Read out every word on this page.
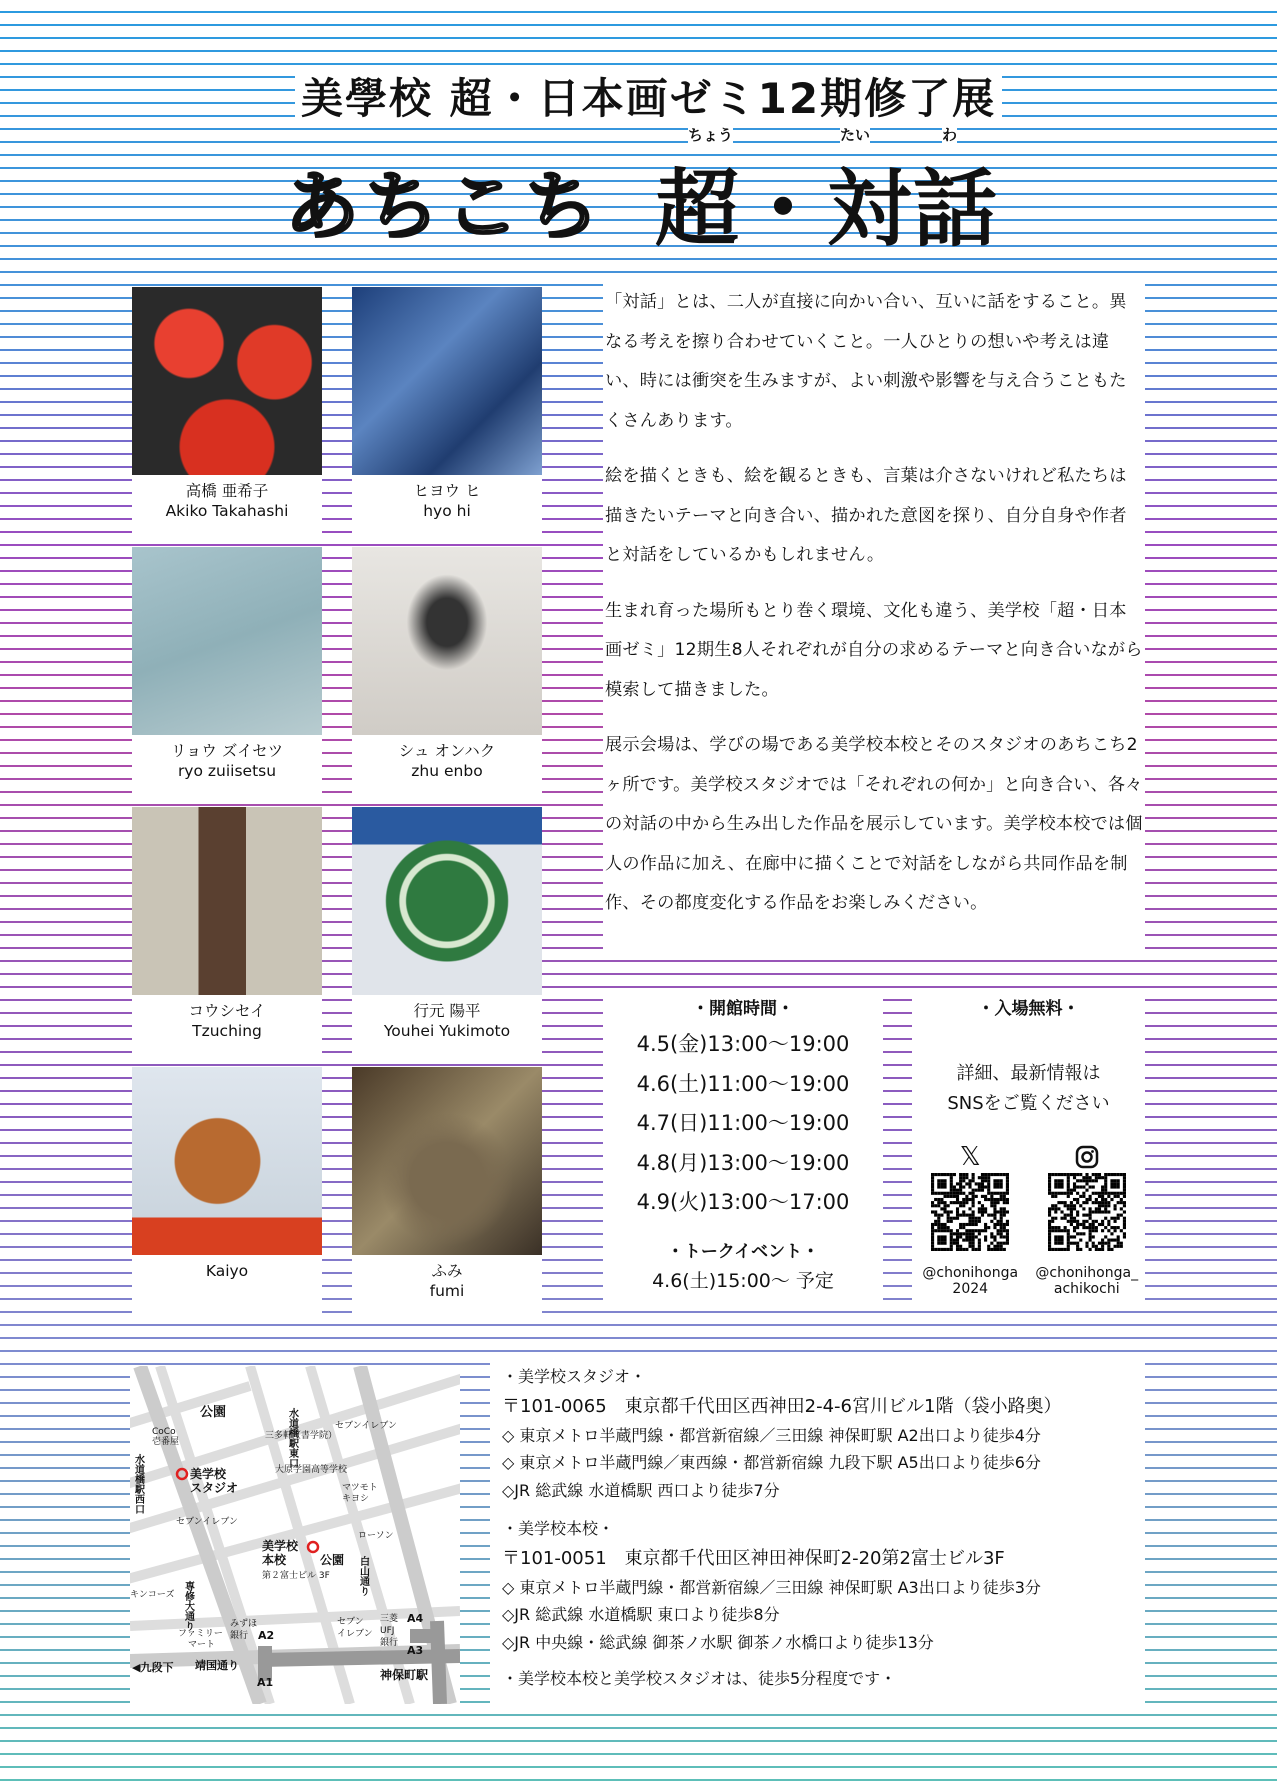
美學校 超・日本画ゼミ12期修了展
ちょう	たい	わ
あちこち 超・対話
高橋 亜希子
Akiko Takahashi
ヒヨウ ヒ
hyo hi
リョウ ズイセツ
ryo zuiisetsu
シュ オンハク
zhu enbo
コウシセイ
Tzuching
行元 陽平
Youhei Yukimoto
Kaiyo	ふみ
fumi

「対話」とは、二人が直接に向かい合い、互いに話をすること。異なる考えを擦り合わせていくこと。一人ひとりの想いや考えは違い、時には衝突を生みますが、よい刺激や影響を与え合うこともたくさんあります。

絵を描くときも、絵を観るときも、言葉は介さないけれど私たちは描きたいテーマと向き合い、描かれた意図を探り、自分自身や作者と対話をしているかもしれません。

生まれ育った場所もとり巻く環境、文化も違う、美学校「超・日本画ゼミ」12期生8人それぞれが自分の求めるテーマと向き合いながら模索して描きました。

展示会場は、学びの場である美学校本校とそのスタジオのあちこち2ヶ所です。美学校スタジオでは「それぞれの何か」と向き合い、各々の対話の中から生み出した作品を展示しています。美学校本校では個人の作品に加え、在廊中に描くことで対話をしながら共同作品を制作、その都度変化する作品をお楽しみください。

・開館時間・
4.5(金)13:00〜19:00
4.6(土)11:00〜19:00
4.7(日)11:00〜19:00
4.8(月)13:00〜19:00
4.9(火)13:00〜17:00
・トークイベント・
4.6(土)15:00〜 予定
・入場無料・
詳細、最新情報は
SNSをご覧ください
𝕏
@chonihonga
2024
@chonihonga_
achikochi
公園
CoCo
壱番屋
美学校
スタジオ
セブンイレブン
三多軒（書学院）
大原学園高等学校
セブンイレブン
マツモト
キヨシ
ローソン
美学校
本校
第２富士ビル 3F
公園
キンコーズ
ファミリー
マート
みずほ
銀行
セブン
イレブン
三菱
UFJ
銀行
A4
A3
A2
A1
◀九段下 靖国通り
神保町駅
水道橋駅西口
水道橋駅東口
専修大通り
白山通り
・美学校スタジオ・
〒101-0065　東京都千代田区西神田2-4-6宮川ビル1階（袋小路奥）
◇ 東京メトロ半蔵門線・都営新宿線／三田線 神保町駅 A2出口より徒歩4分
◇ 東京メトロ半蔵門線／東西線・都営新宿線 九段下駅 A5出口より徒歩6分
◇JR 総武線 水道橋駅 西口より徒歩7分
・美学校本校・
〒101-0051　東京都千代田区神田神保町2-20第2富士ビル3F
◇ 東京メトロ半蔵門線・都営新宿線／三田線 神保町駅 A3出口より徒歩3分
◇JR 総武線 水道橋駅 東口より徒歩8分
◇JR 中央線・総武線 御茶ノ水駅 御茶ノ水橋口より徒歩13分
・美学校本校と美学校スタジオは、徒歩5分程度です・
